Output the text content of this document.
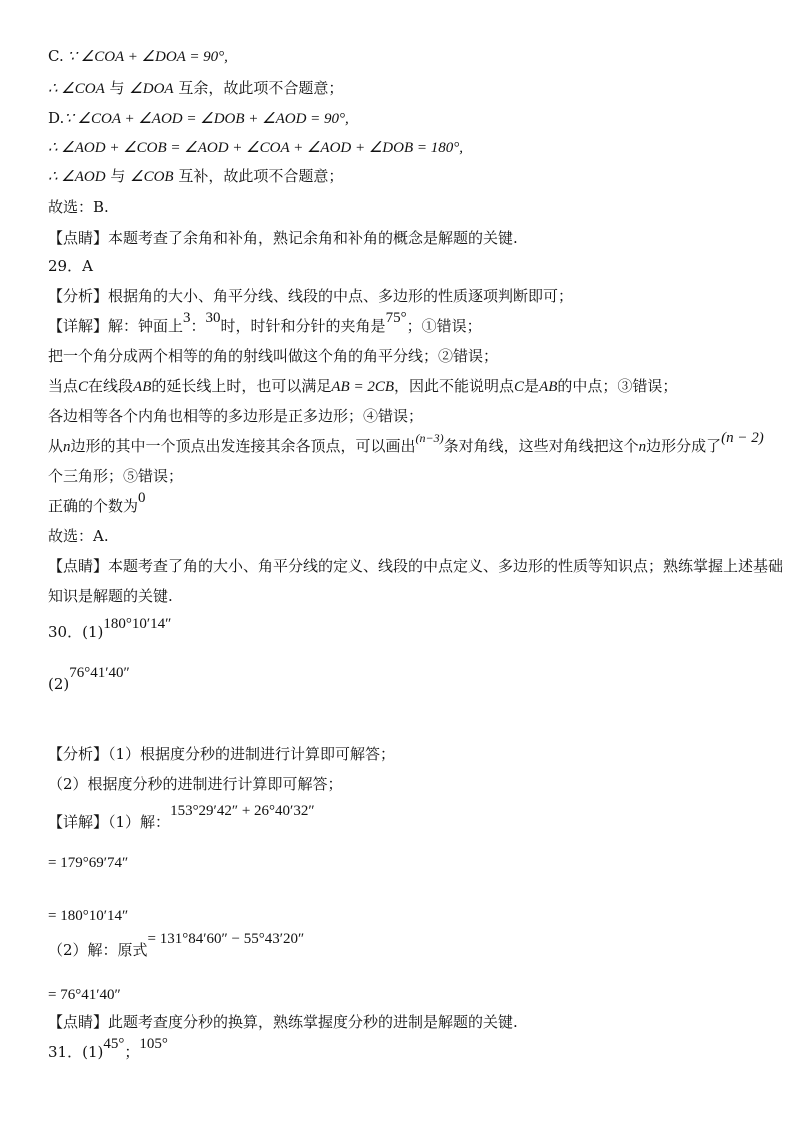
C. ∵ ∠COA + ∠DOA = 90°,
∴ ∠COA 与 ∠DOA 互余，故此项不合题意；
D.∵ ∠COA + ∠AOD = ∠DOB + ∠AOD = 90°,
∴ ∠AOD + ∠COB = ∠AOD + ∠COA + ∠AOD + ∠DOB = 180°,
∴ ∠AOD 与 ∠COB 互补，故此项不合题意；
故选：B.
【点睛】本题考查了余角和补角，熟记余角和补角的概念是解题的关键.
29．A
【分析】根据角的大小、角平分线、线段的中点、多边形的性质逐项判断即可；
【详解】解：钟面上3：30时，时针和分针的夹角是75°；①错误；
把一个角分成两个相等的角的射线叫做这个角的角平分线；②错误；
当点C在线段AB的延长线上时，也可以满足AB = 2CB，因此不能说明点C是AB的中点；③错误；
各边相等各个内角也相等的多边形是正多边形；④错误；
从n边形的其中一个顶点出发连接其余各顶点，可以画出$^{(n-3)}$条对角线，这些对角线把这个n边形分成了(n − 2)
个三角形；⑤错误；
正确的个数为0
故选：A.
【点睛】本题考查了角的大小、角平分线的定义、线段的中点定义、多边形的性质等知识点；熟练掌握上述基础
知识是解题的关键.
30．(1)180°10′14″
(2)76°41′40″
【分析】（1）根据度分秒的进制进行计算即可解答；
（2）根据度分秒的进制进行计算即可解答；
【详解】（1）解：153°29′42″ + 26°40′32″
= 179°69′74″
= 180°10′14″
（2）解：原式= 131°84′60″ − 55°43′20″
= 76°41′40″
【点睛】此题考查度分秒的换算，熟练掌握度分秒的进制是解题的关键.
31．(1)45°；105°
